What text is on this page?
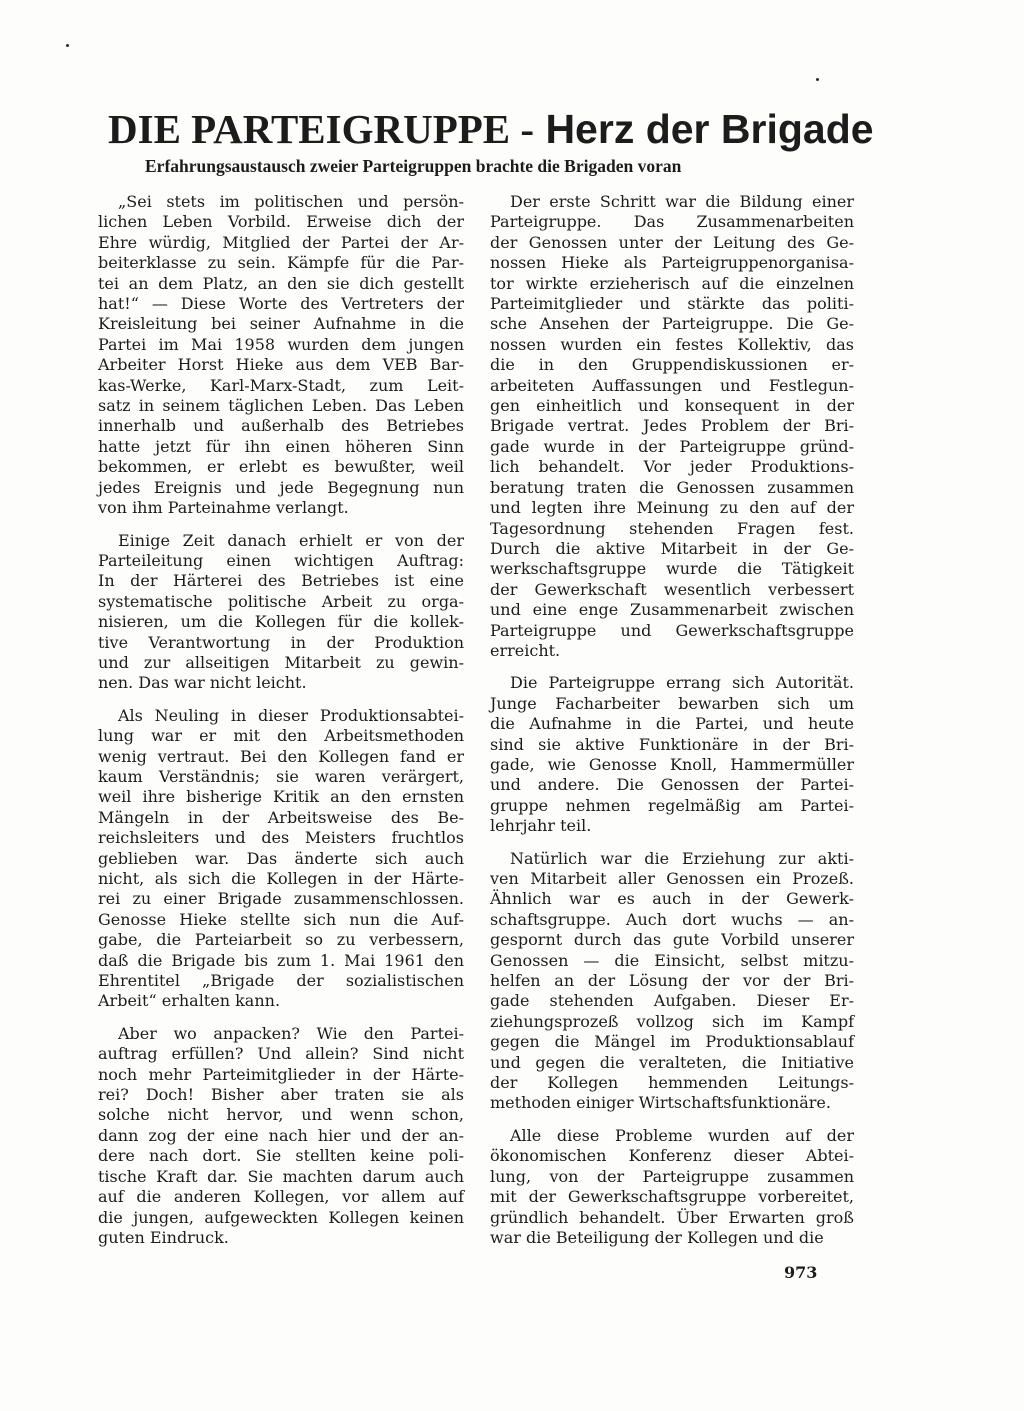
DIE PARTEIGRUPPE - Herz der Brigade
Erfahrungsaustausch zweier Parteigruppen brachte die Brigaden voran

„Sei stets im politischen und persön-
lichen Leben Vorbild. Erweise dich der
Ehre würdig, Mitglied der Partei der Ar-
beiterklasse zu sein. Kämpfe für die Par-
tei an dem Platz, an den sie dich gestellt
hat!“ — Diese Worte des Vertreters der
Kreisleitung bei seiner Aufnahme in die
Partei im Mai 1958 wurden dem jungen
Arbeiter Horst Hieke aus dem VEB Bar-
kas-Werke, Karl-Marx-Stadt, zum Leit-
satz in seinem täglichen Leben. Das Leben
innerhalb und außerhalb des Betriebes
hatte jetzt für ihn einen höheren Sinn
bekommen, er erlebt es bewußter, weil
jedes Ereignis und jede Begegnung nun
von ihm Parteinahme verlangt.

Einige Zeit danach erhielt er von der
Parteileitung einen wichtigen Auftrag:
In der Härterei des Betriebes ist eine
systematische politische Arbeit zu orga-
nisieren, um die Kollegen für die kollek-
tive Verantwortung in der Produktion
und zur allseitigen Mitarbeit zu gewin-
nen. Das war nicht leicht.

Als Neuling in dieser Produktionsabtei-
lung war er mit den Arbeitsmethoden
wenig vertraut. Bei den Kollegen fand er
kaum Verständnis; sie waren verärgert,
weil ihre bisherige Kritik an den ernsten
Mängeln in der Arbeitsweise des Be-
reichsleiters und des Meisters fruchtlos
geblieben war. Das änderte sich auch
nicht, als sich die Kollegen in der Härte-
rei zu einer Brigade zusammenschlossen.
Genosse Hieke stellte sich nun die Auf-
gabe, die Parteiarbeit so zu verbessern,
daß die Brigade bis zum 1. Mai 1961 den
Ehrentitel „Brigade der sozialistischen
Arbeit“ erhalten kann.

Aber wo anpacken? Wie den Partei-
auftrag erfüllen? Und allein? Sind nicht
noch mehr Parteimitglieder in der Härte-
rei? Doch! Bisher aber traten sie als
solche nicht hervor, und wenn schon,
dann zog der eine nach hier und der an-
dere nach dort. Sie stellten keine poli-
tische Kraft dar. Sie machten darum auch
auf die anderen Kollegen, vor allem auf
die jungen, aufgeweckten Kollegen keinen
guten Eindruck.

Der erste Schritt war die Bildung einer
Parteigruppe. Das Zusammenarbeiten
der Genossen unter der Leitung des Ge-
nossen Hieke als Parteigruppenorganisa-
tor wirkte erzieherisch auf die einzelnen
Parteimitglieder und stärkte das politi-
sche Ansehen der Parteigruppe. Die Ge-
nossen wurden ein festes Kollektiv, das
die in den Gruppendiskussionen er-
arbeiteten Auffassungen und Festlegun-
gen einheitlich und konsequent in der
Brigade vertrat. Jedes Problem der Bri-
gade wurde in der Parteigruppe gründ-
lich behandelt. Vor jeder Produktions-
beratung traten die Genossen zusammen
und legten ihre Meinung zu den auf der
Tagesordnung stehenden Fragen fest.
Durch die aktive Mitarbeit in der Ge-
werkschaftsgruppe wurde die Tätigkeit
der Gewerkschaft wesentlich verbessert
und eine enge Zusammenarbeit zwischen
Parteigruppe und Gewerkschaftsgruppe
erreicht.

Die Parteigruppe errang sich Autorität.
Junge Facharbeiter bewarben sich um
die Aufnahme in die Partei, und heute
sind sie aktive Funktionäre in der Bri-
gade, wie Genosse Knoll, Hammermüller
und andere. Die Genossen der Partei-
gruppe nehmen regelmäßig am Partei-
lehrjahr teil.

Natürlich war die Erziehung zur akti-
ven Mitarbeit aller Genossen ein Prozeß.
Ähnlich war es auch in der Gewerk-
schaftsgruppe. Auch dort wuchs — an-
gespornt durch das gute Vorbild unserer
Genossen — die Einsicht, selbst mitzu-
helfen an der Lösung der vor der Bri-
gade stehenden Aufgaben. Dieser Er-
ziehungsprozeß vollzog sich im Kampf
gegen die Mängel im Produktionsablauf
und gegen die veralteten, die Initiative
der Kollegen hemmenden Leitungs-
methoden einiger Wirtschaftsfunktionäre.

Alle diese Probleme wurden auf der
ökonomischen Konferenz dieser Abtei-
lung, von der Parteigruppe zusammen
mit der Gewerkschaftsgruppe vorbereitet,
gründlich behandelt. Über Erwarten groß
war die Beteiligung der Kollegen und die

973
